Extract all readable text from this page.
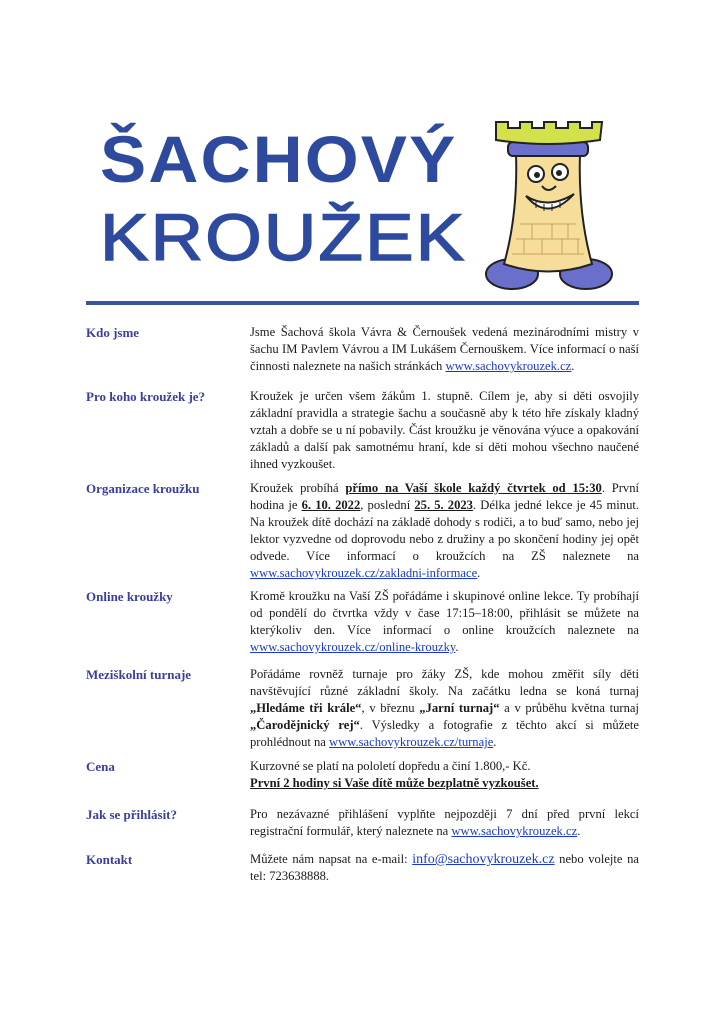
ŠACHOVÝ
KROUŽEK
Kdo jsme	Jsme Šachová škola Vávra & Černoušek vedená mezinárodními mistry v šachu IM Pavlem Vávrou a IM Lukášem Černouškem. Více informací o naší činnosti naleznete na našich stránkách www.sachovykrouzek.cz.
Pro koho kroužek je?	Kroužek je určen všem žákům 1. stupně. Cílem je, aby si děti osvojily základní pravidla a strategie šachu a současně aby k této hře získaly kladný vztah a dobře se u ní pobavily. Část kroužku je věnována výuce a opakování základů a další pak samotnému hraní, kde si děti mohou všechno naučené ihned vyzkoušet.
Organizace kroužku	Kroužek probíhá přímo na Vaší škole každý čtvrtek od 15:30. První hodina je 6. 10. 2022, poslední 25. 5. 2023. Délka jedné lekce je 45 minut. Na kroužek dítě dochází na základě dohody s rodiči, a to buď samo, nebo jej lektor vyzvedne od doprovodu nebo z družiny a po skončení hodiny jej opět odvede. Více informací o kroužcích na ZŠ naleznete na www.sachovykrouzek.cz/zakladni-informace.
Online kroužky	Kromě kroužku na Vaší ZŠ pořádáme i skupinové online lekce. Ty probíhají od pondělí do čtvrtka vždy v čase 17:15–18:00, přihlásit se můžete na kterýkoliv den. Více informací o online kroužcích naleznete na www.sachovykrouzek.cz/online-krouzky.
Meziškolní turnaje	Pořádáme rovněž turnaje pro žáky ZŠ, kde mohou změřit síly děti navštěvující různé základní školy. Na začátku ledna se koná turnaj „Hledáme tři krále“, v březnu „Jarní turnaj“ a v průběhu května turnaj „Čarodějnický rej“. Výsledky a fotografie z těchto akcí si můžete prohlédnout na www.sachovykrouzek.cz/turnaje.
Cena	Kurzovné se platí na pololetí dopředu a činí 1.800,- Kč.
První 2 hodiny si Vaše dítě může bezplatně vyzkoušet.
Jak se přihlásit?	Pro nezávazné přihlášení vyplňte nejpozději 7 dní před první lekcí registrační formulář, který naleznete na www.sachovykrouzek.cz.
Kontakt	Můžete nám napsat na e-mail: info@sachovykrouzek.cz nebo volejte na tel: 723638888.
